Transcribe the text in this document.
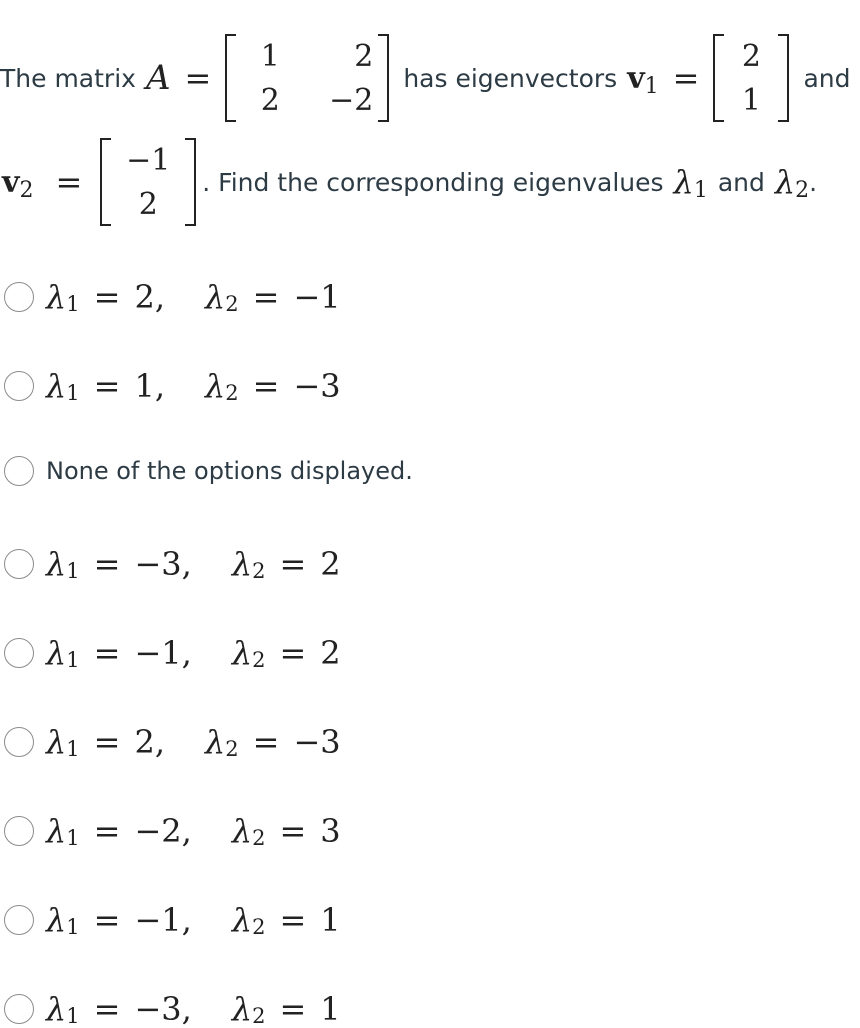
The matrix A =
1	2
2	−2
has eigenvectors v 1 =
2
1
and
v 2 =
−1
2
. Find the corresponding eigenvalues λ 1 and λ 2 .
λ 1 = 2, λ 2 = −1
λ 1 = 1, λ 2 = −3
None of the options displayed.
λ 1 = −3, λ 2 = 2
λ 1 = −1, λ 2 = 2
λ 1 = 2, λ 2 = −3
λ 1 = −2, λ 2 = 3
λ 1 = −1, λ 2 = 1
λ 1 = −3, λ 2 = 1
